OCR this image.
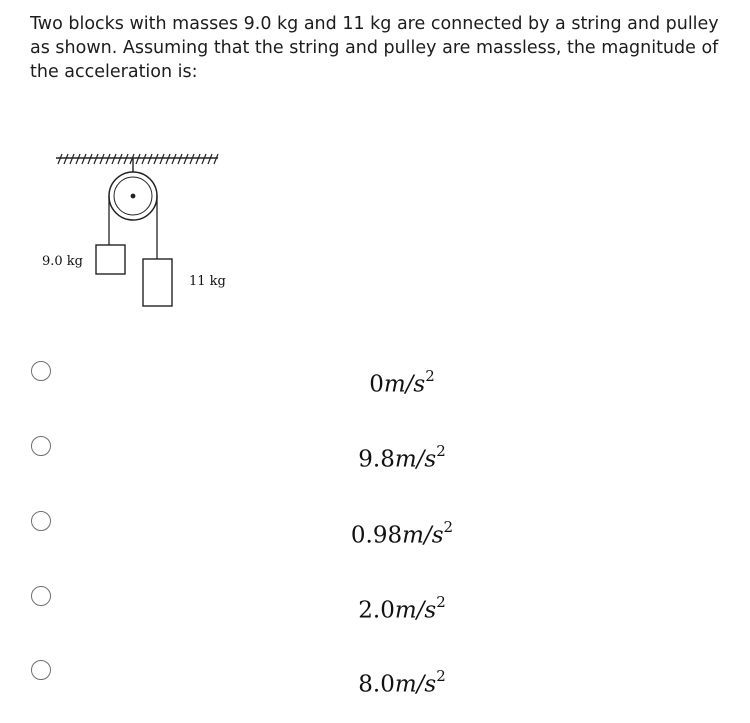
Two blocks with masses 9.0 kg and 11 kg are connected by a string and pulley as shown. Assuming that the string and pulley are massless, the magnitude of the acceleration is:
9.0 kg
11 kg
$0m/s^2$
$9.8m/s^2$
$0.98m/s^2$
$2.0m/s^2$
$8.0m/s^2$
